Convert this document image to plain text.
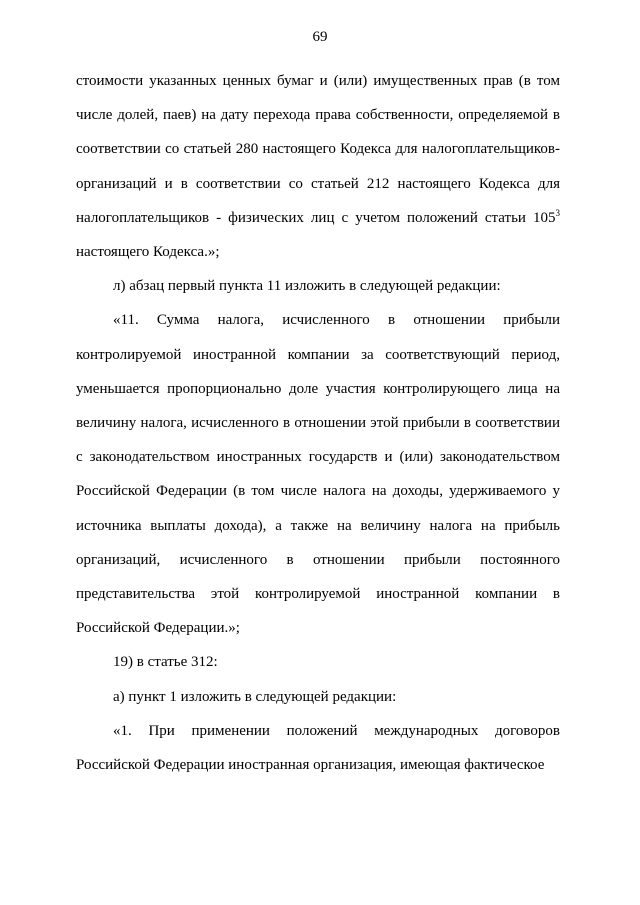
69

стоимости указанных ценных бумаг и (или) имущественных прав (в том числе долей, паев) на дату перехода права собственности, определяемой в соответствии со статьей 280 настоящего Кодекса для налогоплательщиков-организаций и в соответствии со статьей 212 настоящего Кодекса для налогоплательщиков - физических лиц с учетом положений статьи $105^3$ настоящего Кодекса.»;

л) абзац первый пункта 11 изложить в следующей редакции:

«11. Сумма налога, исчисленного в отношении прибыли контролируемой иностранной компании за соответствующий период, уменьшается пропорционально доле участия контролирующего лица на величину налога, исчисленного в отношении этой прибыли в соответствии с законодательством иностранных государств и (или) законодательством Российской Федерации (в том числе налога на доходы, удерживаемого у источника выплаты дохода), а также на величину налога на прибыль организаций, исчисленного в отношении прибыли постоянного представительства этой контролируемой иностранной компании в Российской Федерации.»;

19) в статье 312:

а) пункт 1 изложить в следующей редакции:

«1. При применении положений международных договоров Российской Федерации иностранная организация, имеющая фактическое
